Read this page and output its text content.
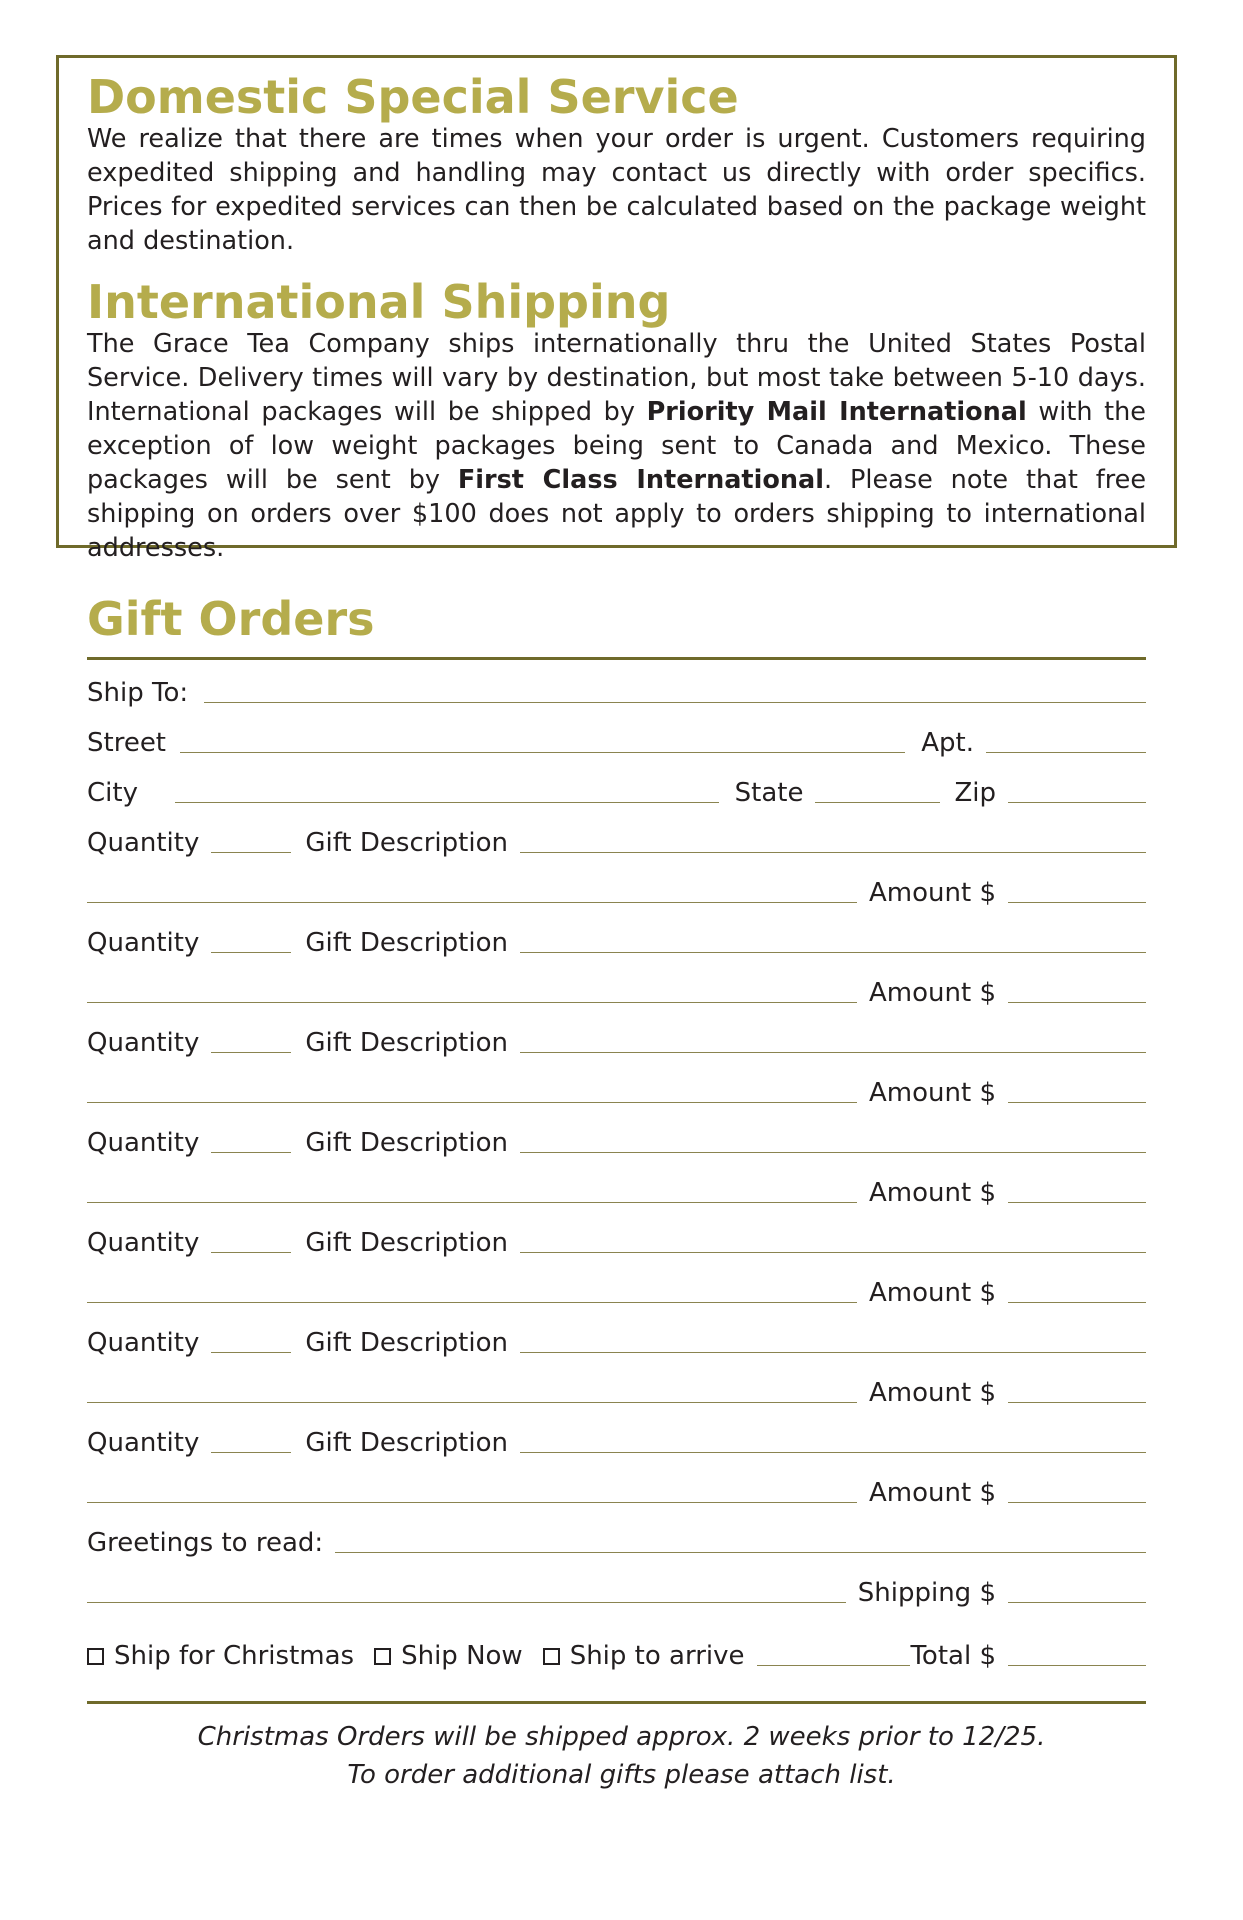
Domestic Special Service

We realize that there are times when your order is urgent. Customers requiring expedited shipping and handling may contact us directly with order specifics. Prices for expedited services can then be calculated based on the package weight and destination.

International Shipping

The Grace Tea Company ships internationally thru the United States Postal Service. Delivery times will vary by destination, but most take between 5-10 days. International packages will be shipped by Priority Mail International with the exception of low weight packages being sent to Canada and Mexico. These packages will be sent by First Class International. Please note that free shipping on orders over $100 does not apply to orders shipping to international addresses.

Gift Orders
Ship To:
Street	Apt.
City	State	Zip
Quantity	Gift Description
Amount $
Quantity	Gift Description
Amount $
Quantity	Gift Description
Amount $
Quantity	Gift Description
Amount $
Quantity	Gift Description
Amount $
Quantity	Gift Description
Amount $
Quantity	Gift Description
Amount $
Greetings to read:
Shipping $
Ship for Christmas Ship Now Ship to arrive	Total $

Christmas Orders will be shipped approx. 2 weeks prior to 12/25.

To order additional gifts please attach list.
